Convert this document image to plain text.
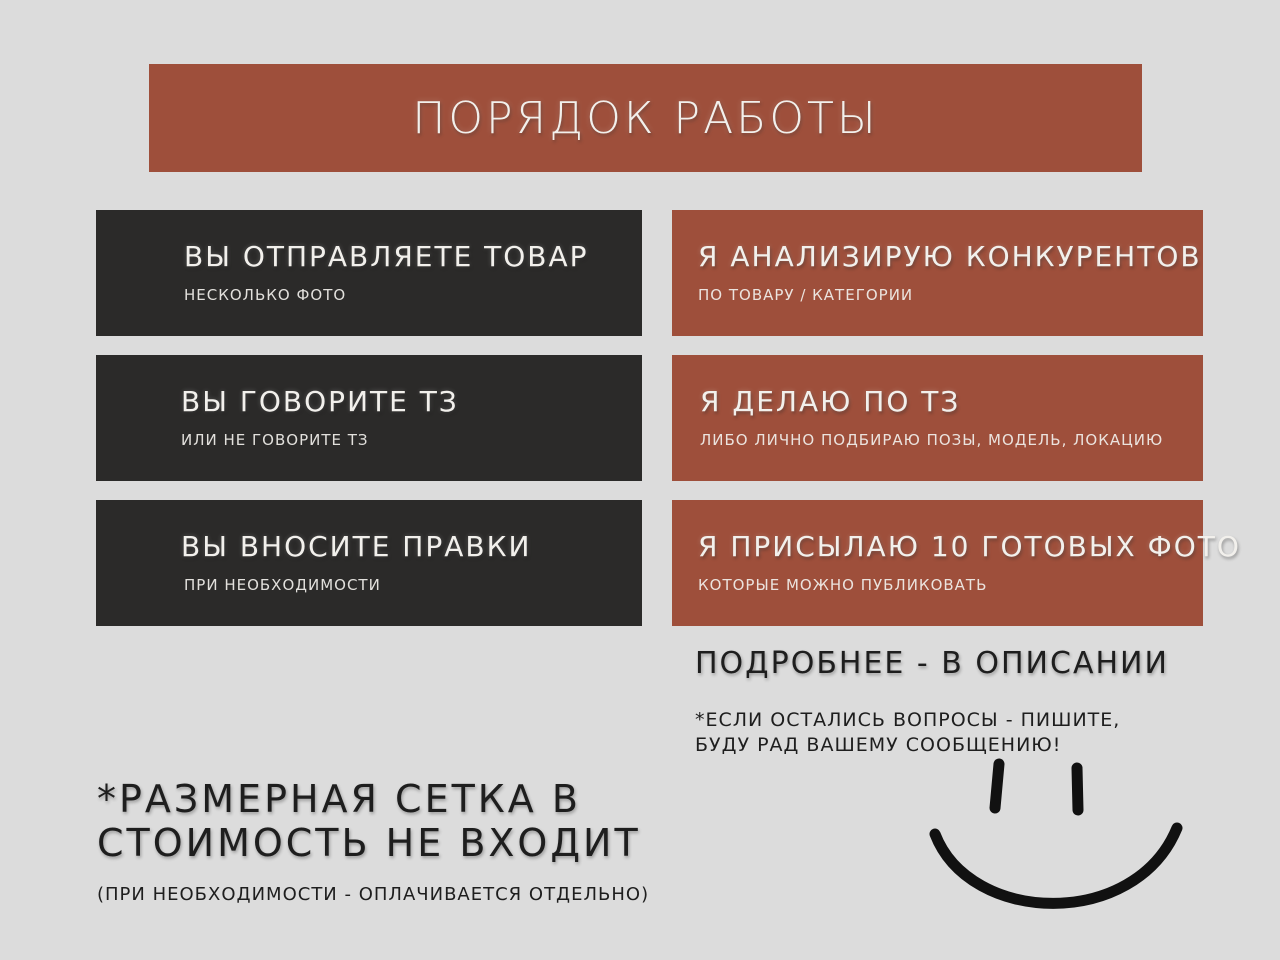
ПОРЯДОК РАБОТЫ
ВЫ ОТПРАВЛЯЕТЕ ТОВАР
НЕСКОЛЬКО ФОТО
ВЫ ГОВОРИТЕ ТЗ
ИЛИ НЕ ГОВОРИТЕ ТЗ
ВЫ ВНОСИТЕ ПРАВКИ
ПРИ НЕОБХОДИМОСТИ
Я АНАЛИЗИРУЮ КОНКУРЕНТОВ
ПО ТОВАРУ / КАТЕГОРИИ
Я ДЕЛАЮ ПО ТЗ
ЛИБО ЛИЧНО ПОДБИРАЮ ПОЗЫ, МОДЕЛЬ, ЛОКАЦИЮ
Я ПРИСЫЛАЮ 10 ГОТОВЫХ ФОТО
КОТОРЫЕ МОЖНО ПУБЛИКОВАТЬ
ПОДРОБНЕЕ - В ОПИСАНИИ
*ЕСЛИ ОСТАЛИСЬ ВОПРОСЫ - ПИШИТЕ,
БУДУ РАД ВАШЕМУ СООБЩЕНИЮ!
*РАЗМЕРНАЯ СЕТКА В
СТОИМОСТЬ НЕ ВХОДИТ
(ПРИ НЕОБХОДИМОСТИ - ОПЛАЧИВАЕТСЯ ОТДЕЛЬНО)
